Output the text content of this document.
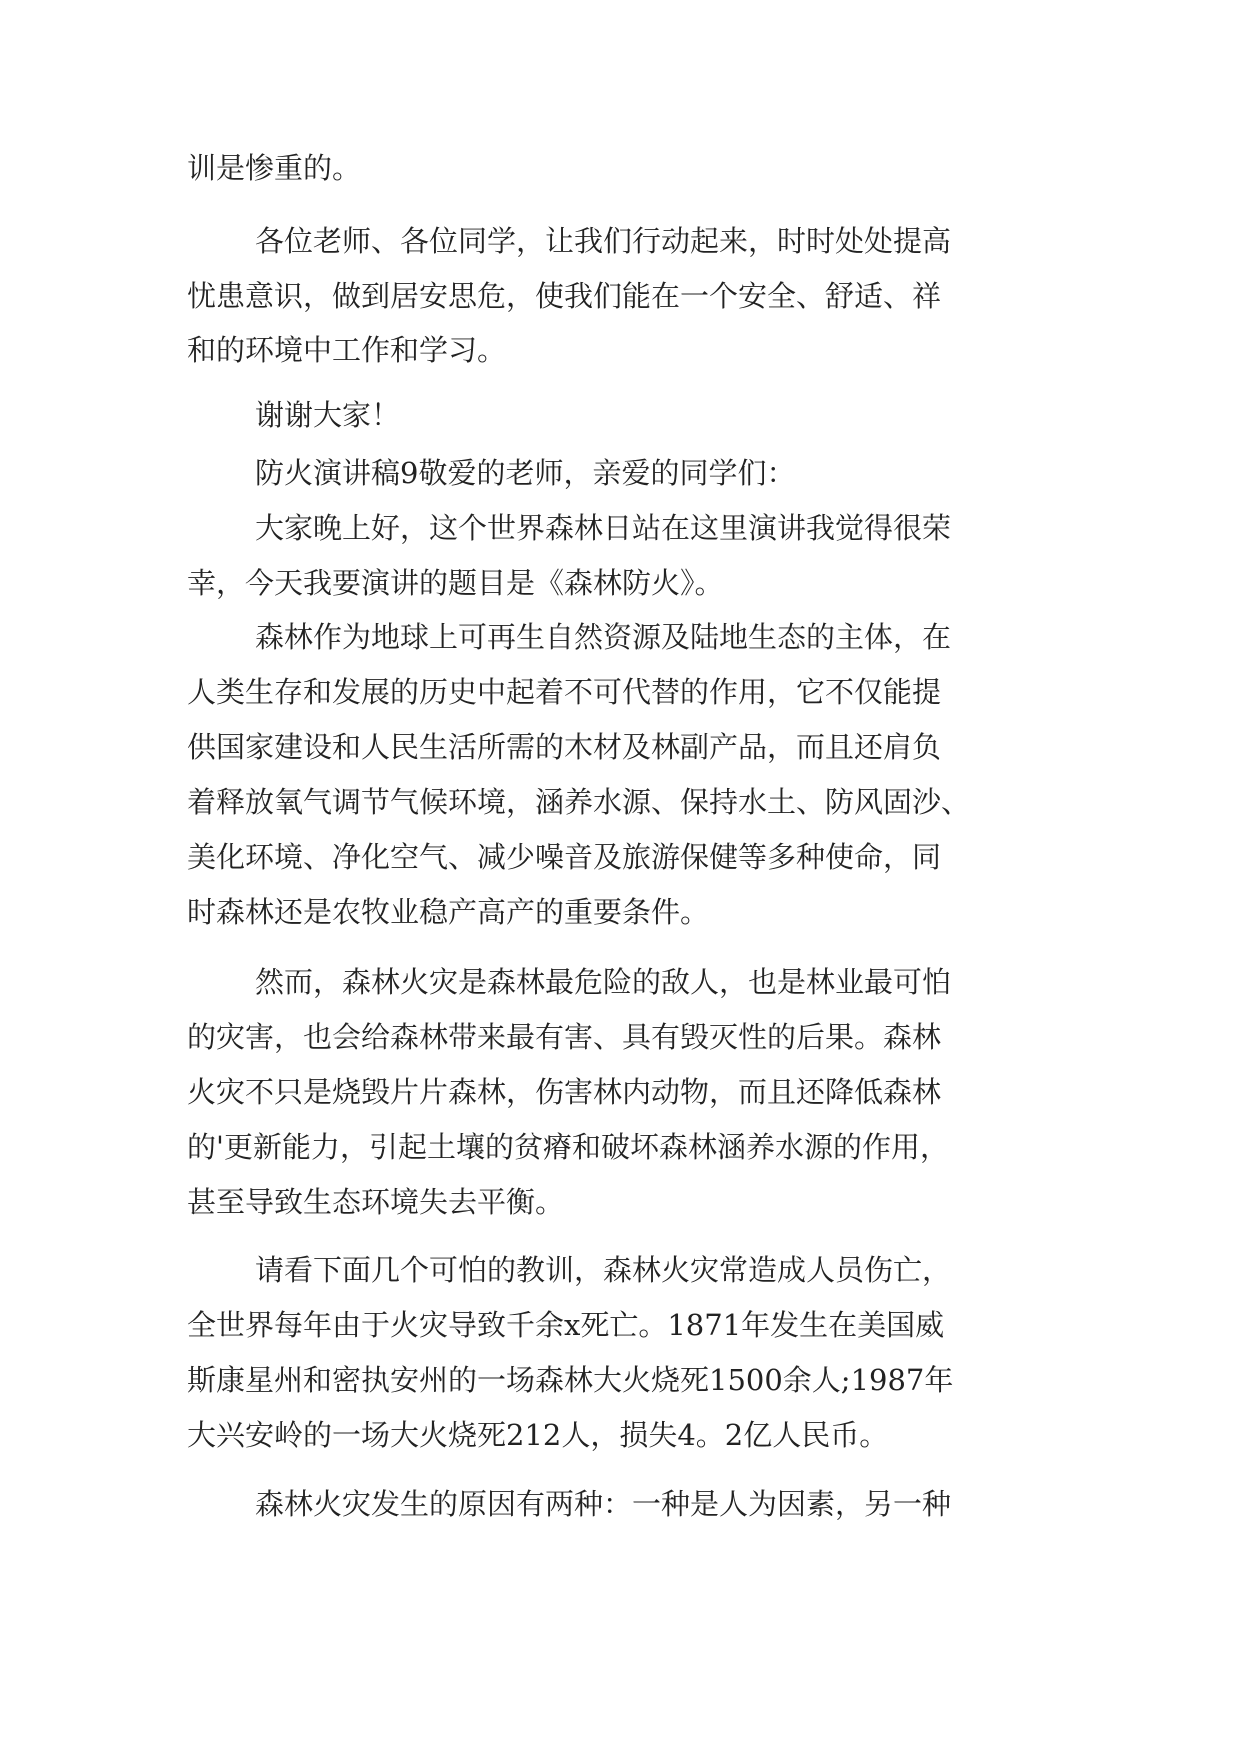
训是惨重的。

各位老师、各位同学，让我们行动起来，时时处处提高

忧患意识，做到居安思危，使我们能在一个安全、舒适、祥

和的环境中工作和学习。

谢谢大家！

防火演讲稿9敬爱的老师，亲爱的同学们：

大家晚上好，这个世界森林日站在这里演讲我觉得很荣

幸，今天我要演讲的题目是《森林防火》。

森林作为地球上可再生自然资源及陆地生态的主体，在

人类生存和发展的历史中起着不可代替的作用，它不仅能提

供国家建设和人民生活所需的木材及林副产品，而且还肩负

着释放氧气调节气候环境，涵养水源、保持水土、防风固沙、

美化环境、净化空气、减少噪音及旅游保健等多种使命，同

时森林还是农牧业稳产高产的重要条件。

然而，森林火灾是森林最危险的敌人，也是林业最可怕

的灾害，也会给森林带来最有害、具有毁灭性的后果。森林

火灾不只是烧毁片片森林，伤害林内动物，而且还降低森林

的'更新能力，引起土壤的贫瘠和破坏森林涵养水源的作用，

甚至导致生态环境失去平衡。

请看下面几个可怕的教训，森林火灾常造成人员伤亡，

全世界每年由于火灾导致千余x死亡。1871年发生在美国威

斯康星州和密执安州的一场森林大火烧死1500余人;1987年

大兴安岭的一场大火烧死212人，损失4。2亿人民币。

森林火灾发生的原因有两种：一种是人为因素，另一种
